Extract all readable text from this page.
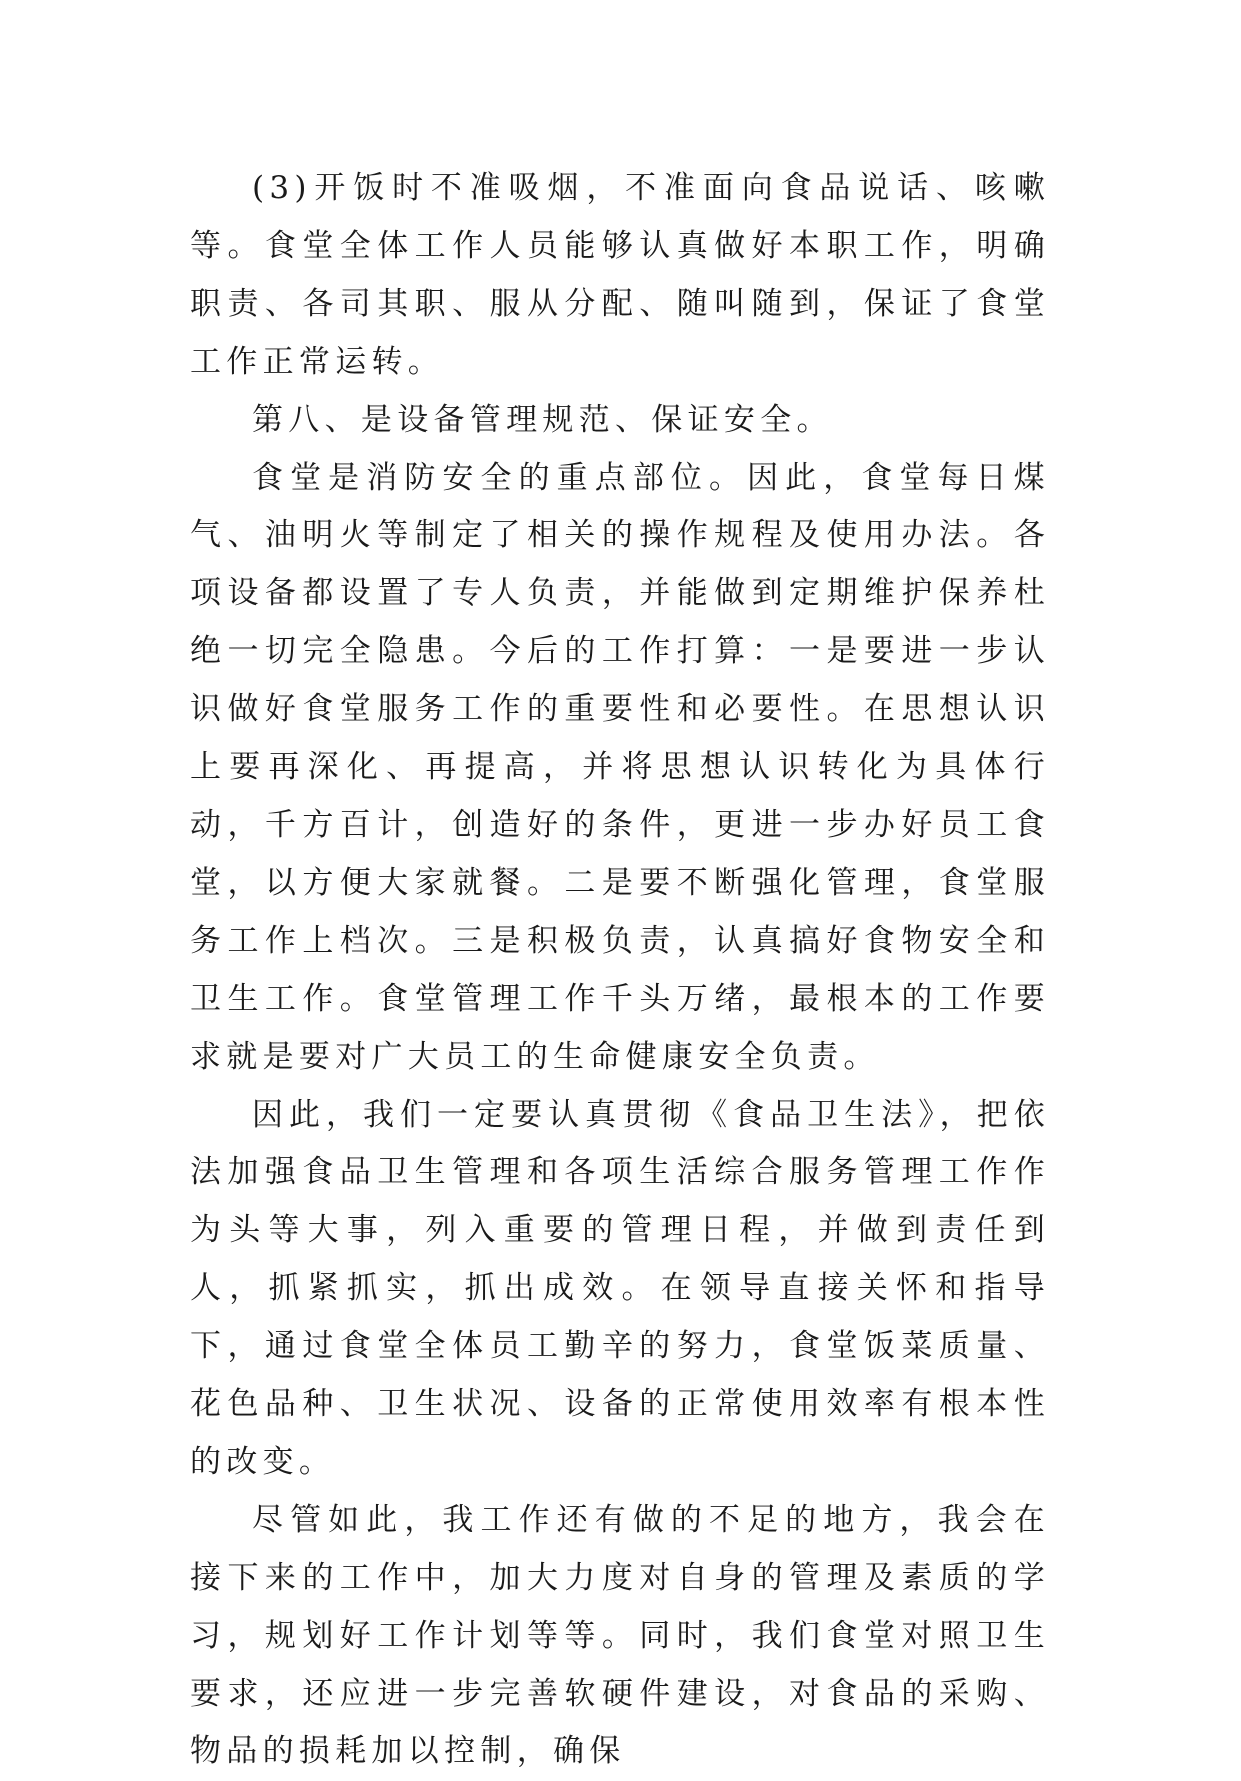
(3)开饭时不准吸烟，不准面向食品说话、咳嗽等。食堂全体工作人员能够认真做好本职工作，明确职责、各司其职、服从分配、随叫随到，保证了食堂工作正常运转。

第八、是设备管理规范、保证安全。

食堂是消防安全的重点部位。因此，食堂每日煤气、油明火等制定了相关的操作规程及使用办法。各项设备都设置了专人负责，并能做到定期维护保养杜绝一切完全隐患。今后的工作打算：一是要进一步认识做好食堂服务工作的重要性和必要性。在思想认识上要再深化、再提高，并将思想认识转化为具体行动，千方百计，创造好的条件，更进一步办好员工食堂，以方便大家就餐。二是要不断强化管理，食堂服务工作上档次。三是积极负责，认真搞好食物安全和卫生工作。食堂管理工作千头万绪，最根本的工作要求就是要对广大员工的生命健康安全负责。

因此，我们一定要认真贯彻《食品卫生法》，把依法加强食品卫生管理和各项生活综合服务管理工作作为头等大事，列入重要的管理日程，并做到责任到人，抓紧抓实，抓出成效。在领导直接关怀和指导下，通过食堂全体员工勤辛的努力，食堂饭菜质量、花色品种、卫生状况、设备的正常使用效率有根本性的改变。

尽管如此，我工作还有做的不足的地方，我会在接下来的工作中，加大力度对自身的管理及素质的学习，规划好工作计划等等。同时，我们食堂对照卫生要求，还应进一步完善软硬件建设，对食品的采购、物品的损耗加以控制，确保
